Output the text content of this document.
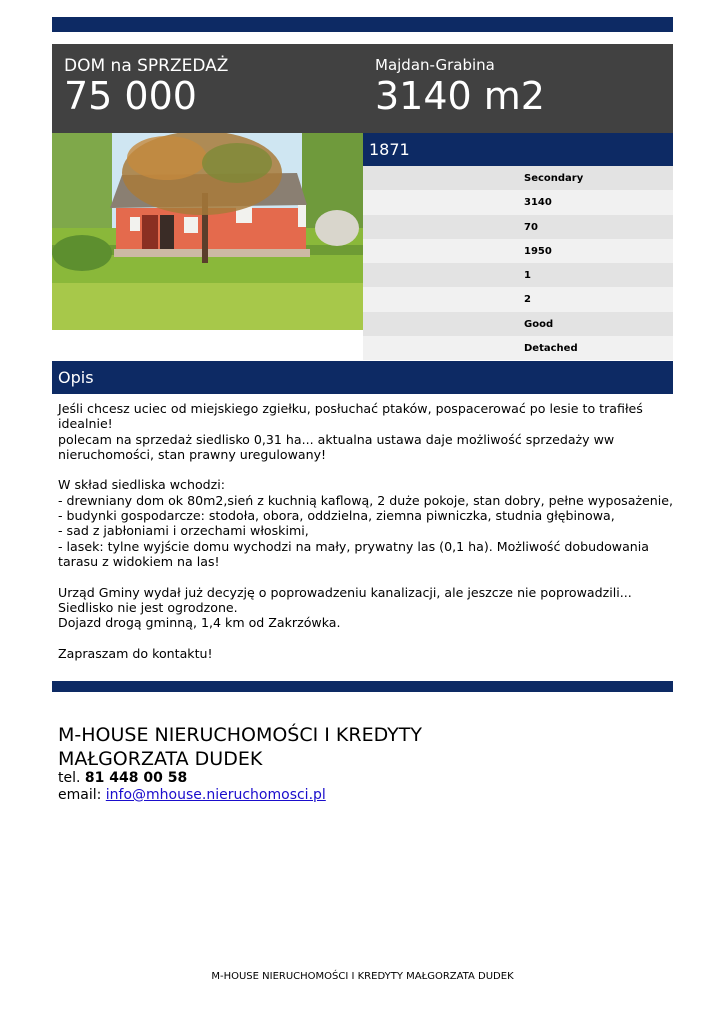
DOM na SPRZEDAŻ
75 000
Majdan-Grabina
3140 m2
1871
Secondary
3140
70
1950
1
2
Good
Detached
Opis

Jeśli chcesz uciec od miejskiego zgiełku, posłuchać ptaków, pospacerować po lesie to trafiłeś

idealnie!

polecam na sprzedaż siedlisko 0,31 ha... aktualna ustawa daje możliwość sprzedaży ww

nieruchomości, stan prawny uregulowany!

W skład siedliska wchodzi:

- drewniany dom ok 80m2,sień z kuchnią kaflową, 2 duże pokoje, stan dobry, pełne wyposażenie,

- budynki gospodarcze: stodoła, obora, oddzielna, ziemna piwniczka, studnia głębinowa,

- sad z jabłoniami i orzechami włoskimi,

- lasek: tylne wyjście domu wychodzi na mały, prywatny las (0,1 ha). Możliwość dobudowania

tarasu z widokiem na las!

Urząd Gminy wydał już decyzję o poprowadzeniu kanalizacji, ale jeszcze nie poprowadzili...

Siedlisko nie jest ogrodzone.

Dojazd drogą gminną, 1,4 km od Zakrzówka.

Zapraszam do kontaktu!

M-HOUSE NIERUCHOMOŚCI I KREDYTY
MAŁGORZATA DUDEK
tel. 81 448 00 58
email: info@mhouse.nieruchomosci.pl
M-HOUSE NIERUCHOMOŚCI I KREDYTY MAŁGORZATA DUDEK
